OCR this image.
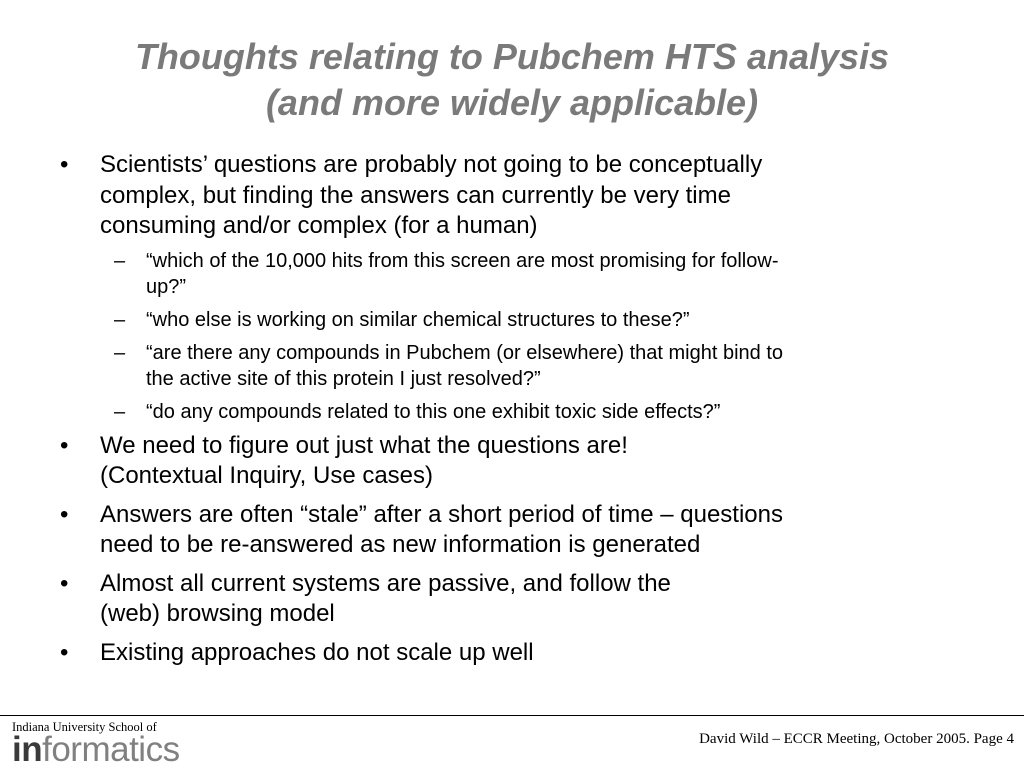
Thoughts relating to Pubchem HTS analysis
(and more widely applicable)
• Scientists’ questions are probably not going to be conceptually
complex, but finding the answers can currently be very time
consuming and/or complex (for a human)
– “which of the 10,000 hits from this screen are most promising for follow-
up?”
– “who else is working on similar chemical structures to these?”
– “are there any compounds in Pubchem (or elsewhere) that might bind to
the active site of this protein I just resolved?”
– “do any compounds related to this one exhibit toxic side effects?”
• We need to figure out just what the questions are!
(Contextual Inquiry, Use cases)
• Answers are often “stale” after a short period of time – questions
need to be re-answered as new information is generated
• Almost all current systems are passive, and follow the
(web) browsing model
• Existing approaches do not scale up well
Indiana University School of
informatics	David Wild – ECCR Meeting, October 2005. Page 4
